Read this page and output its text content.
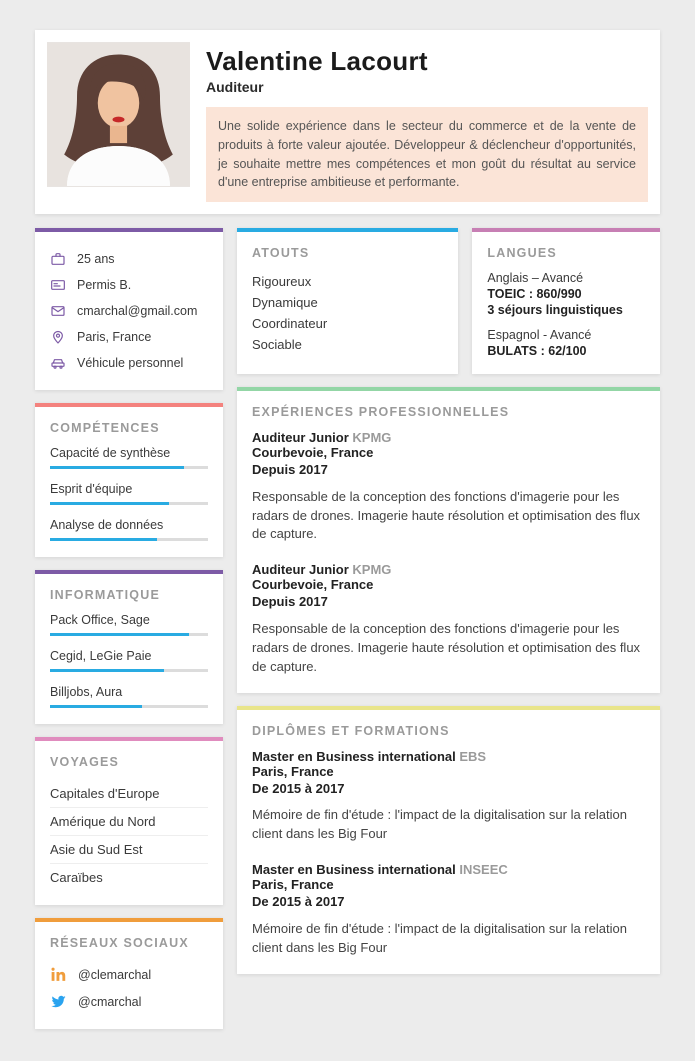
Valentine Lacourt
Auditeur

Une solide expérience dans le secteur du commerce et de la vente de produits à forte valeur ajoutée. Développeur & déclencheur d'opportunités, je souhaite mettre mes compétences et mon goût du résultat au service d'une entreprise ambitieuse et performante.

25 ans
Permis B.
cmarchal@gmail.com
Paris, France
Véhicule personnel
COMPÉTENCES
Capacité de synthèse
Esprit d'équipe
Analyse de données
INFORMATIQUE
Pack Office, Sage
Cegid, LeGie Paie
Billjobs, Aura
VOYAGES
Capitales d'Europe
Amérique du Nord
Asie du Sud Est
Caraïbes
RÉSEAUX SOCIAUX
@clemarchal
@cmarchal
ATOUTS
Rigoureux
Dynamique
Coordinateur
Sociable
LANGUES
Anglais – Avancé
TOEIC : 860/990
3 séjours linguistiques
Espagnol - Avancé
BULATS : 62/100
EXPÉRIENCES PROFESSIONNELLES
Auditeur Junior KPMG
Courbevoie, France
Depuis 2017

Responsable de la conception des fonctions d'imagerie pour les radars de drones. Imagerie haute résolution et optimisation des flux de capture.

Auditeur Junior KPMG
Courbevoie, France
Depuis 2017

Responsable de la conception des fonctions d'imagerie pour les radars de drones. Imagerie haute résolution et optimisation des flux de capture.

DIPLÔMES ET FORMATIONS
Master en Business international EBS
Paris, France
De 2015 à 2017

Mémoire de fin d'étude : l'impact de la digitalisation sur la relation client dans les Big Four

Master en Business international INSEEC
Paris, France
De 2015 à 2017

Mémoire de fin d'étude : l'impact de la digitalisation sur la relation client dans les Big Four
